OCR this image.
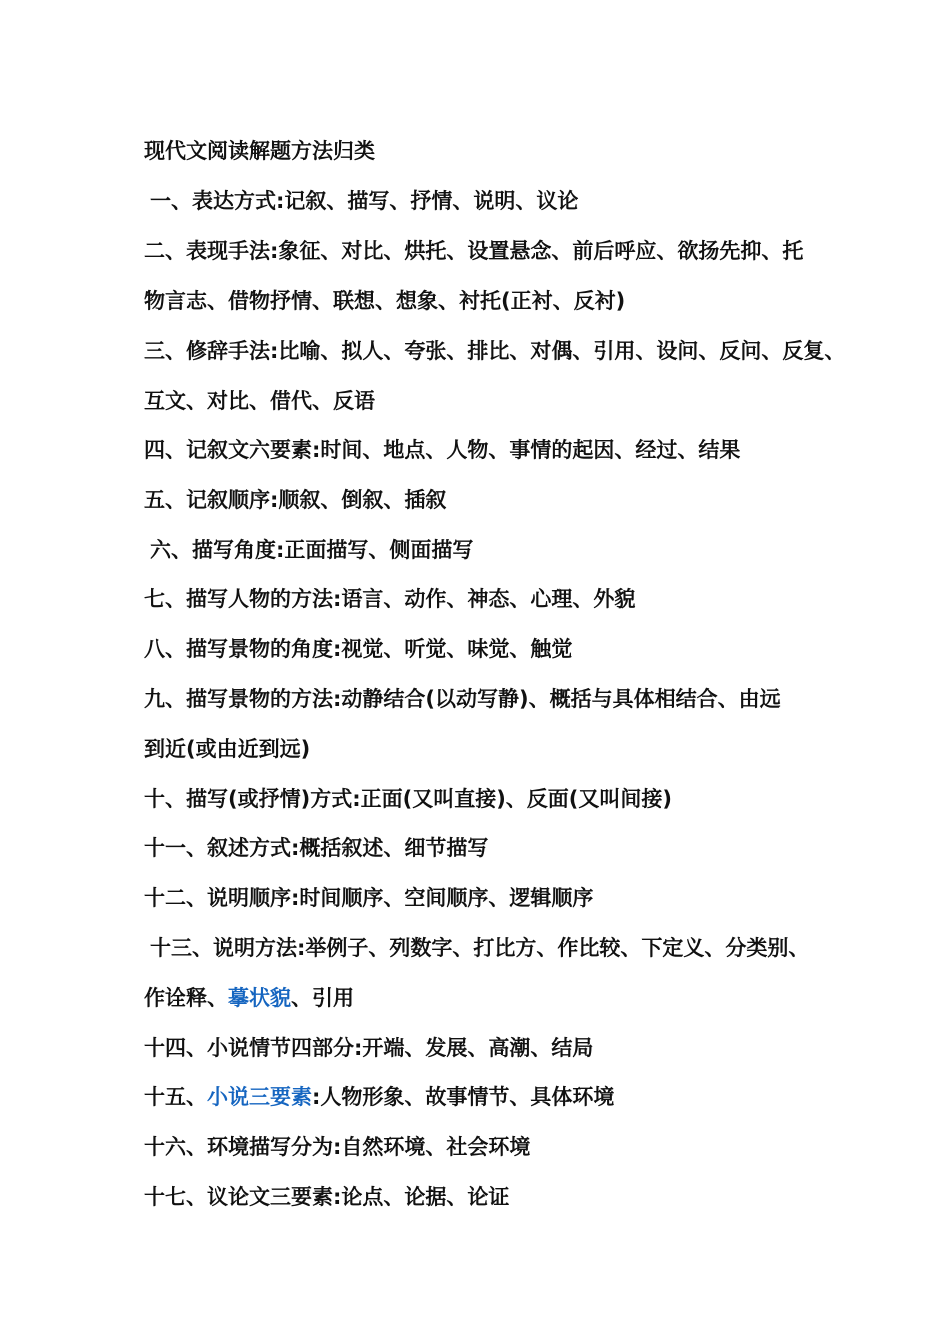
现代文阅读解题方法归类
一、表达方式:记叙、描写、抒情、说明、议论
二、表现手法:象征、对比、烘托、设置悬念、前后呼应、欲扬先抑、托
物言志、借物抒情、联想、想象、衬托(正衬、反衬)
三、修辞手法:比喻、拟人、夸张、排比、对偶、引用、设问、反问、反复、
互文、对比、借代、反语
四、记叙文六要素:时间、地点、人物、事情的起因、经过、结果
五、记叙顺序:顺叙、倒叙、插叙
六、描写角度:正面描写、侧面描写
七、描写人物的方法:语言、动作、神态、心理、外貌
八、描写景物的角度:视觉、听觉、味觉、触觉
九、描写景物的方法:动静结合(以动写静)、概括与具体相结合、由远
到近(或由近到远)
十、描写(或抒情)方式:正面(又叫直接)、反面(又叫间接)
十一、叙述方式:概括叙述、细节描写
十二、说明顺序:时间顺序、空间顺序、逻辑顺序
十三、说明方法:举例子、列数字、打比方、作比较、下定义、分类别、
作诠释、摹状貌、引用
十四、小说情节四部分:开端、发展、高潮、结局
十五、小说三要素:人物形象、故事情节、具体环境
十六、环境描写分为:自然环境、社会环境
十七、议论文三要素:论点、论据、论证
